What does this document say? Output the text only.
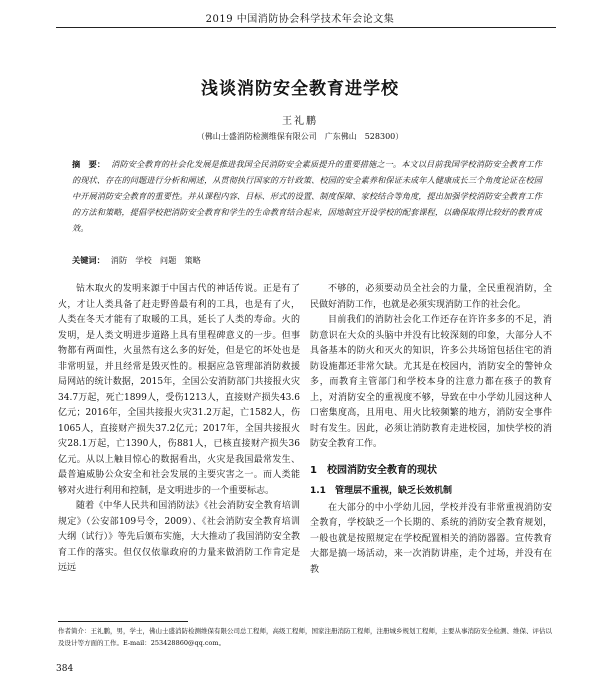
2019 中国消防协会科学技术年会论文集
浅谈消防安全教育进学校
王礼鹏
（佛山士盛消防检测维保有限公司　广东佛山　528300）
摘　要： 消防安全教育的社会化发展是推进我国全民消防安全素质提升的重要措施之一。本文以目前我国学校消防安全教育工作的现状、存在的问题进行分析和阐述，从贯彻执行国家的方针政策、校园的安全素养和保证未成年人健康成长三个角度论证在校园中开展消防安全教育的重要性。并从课程内容、目标、形式的设置、制度保障、家校结合等角度，提出加强学校消防安全教育工作的方法和策略，提倡学校把消防安全教育和学生的生命教育结合起来，因地制宜开设学校的配套课程，以确保取得比较好的教育成效。
关键词： 消防　学校　问题　策略

钻木取火的发明来源于中国古代的神话传说。正是有了火，才让人类具备了赶走野兽最有利的工具，也是有了火，人类在冬天才能有了取暖的工具，延长了人类的寿命。火的发明，是人类文明进步道路上具有里程碑意义的一步。但事物都有两面性，火虽然有这么多的好处，但是它的坏处也是非常明显，并且经常是毁灭性的。根据应急管理部消防救援局网站的统计数据，2015年，全国公安消防部门共接报火灾34.7万起，死亡1899人，受伤1213人，直接财产损失43.6亿元；2016年，全国共接报火灾31.2万起，亡1582人，伤1065人，直接财产损失37.2亿元；2017年，全国共接报火灾28.1万起，亡1390人，伤881人，已核直接财产损失36亿元。从以上触目惊心的数据看出，火灾是我国最常发生、最普遍威胁公众安全和社会发展的主要灾害之一。而人类能够对火进行利用和控制，是文明进步的一个重要标志。

随着《中华人民共和国消防法》《社会消防安全教育培训规定》（公安部109号令，2009）、《社会消防安全教育培训大纲（试行）》等先后颁布实施，大大推动了我国消防安全教育工作的落实。但仅仅依靠政府的力量来做消防工作肯定是远远

不够的，必须要动员全社会的力量，全民重视消防，全民做好消防工作，也就是必须实现消防工作的社会化。

目前我们的消防社会化工作还存在许许多多的不足，消防意识在大众的头脑中并没有比较深刻的印象，大部分人不具备基本的防火和灭火的知识，许多公共场馆包括住宅的消防设施都还非常欠缺。尤其是在校园内，消防安全的警钟众多，而教育主管部门和学校本身的注意力都在孩子的教育上，对消防安全的重视度不够，导致在中小学幼儿园这种人口密集度高，且用电、用火比较频繁的地方，消防安全事件时有发生。因此，必须让消防教育走进校园，加快学校的消防安全教育工作。

1　校园消防安全教育的现状
1.1　管理层不重视，缺乏长效机制

在大部分的中小学幼儿园，学校并没有非常重视消防安全教育，学校缺乏一个长期的、系统的消防安全教育规划，一般也就是按照规定在学校配置相关的消防器器。宣传教育大都是搞一场活动，来一次消防讲座，走个过场，并没有在教

作者简介：王礼鹏，男，学士，佛山士盛消防检测维保有限公司总工程师，高级工程师，国家注册消防工程师，注册城乡规划工程师，主要从事消防安全检测、维保、评估以及设计等方面的工作。E-mail：253428860@qq.com。
384
